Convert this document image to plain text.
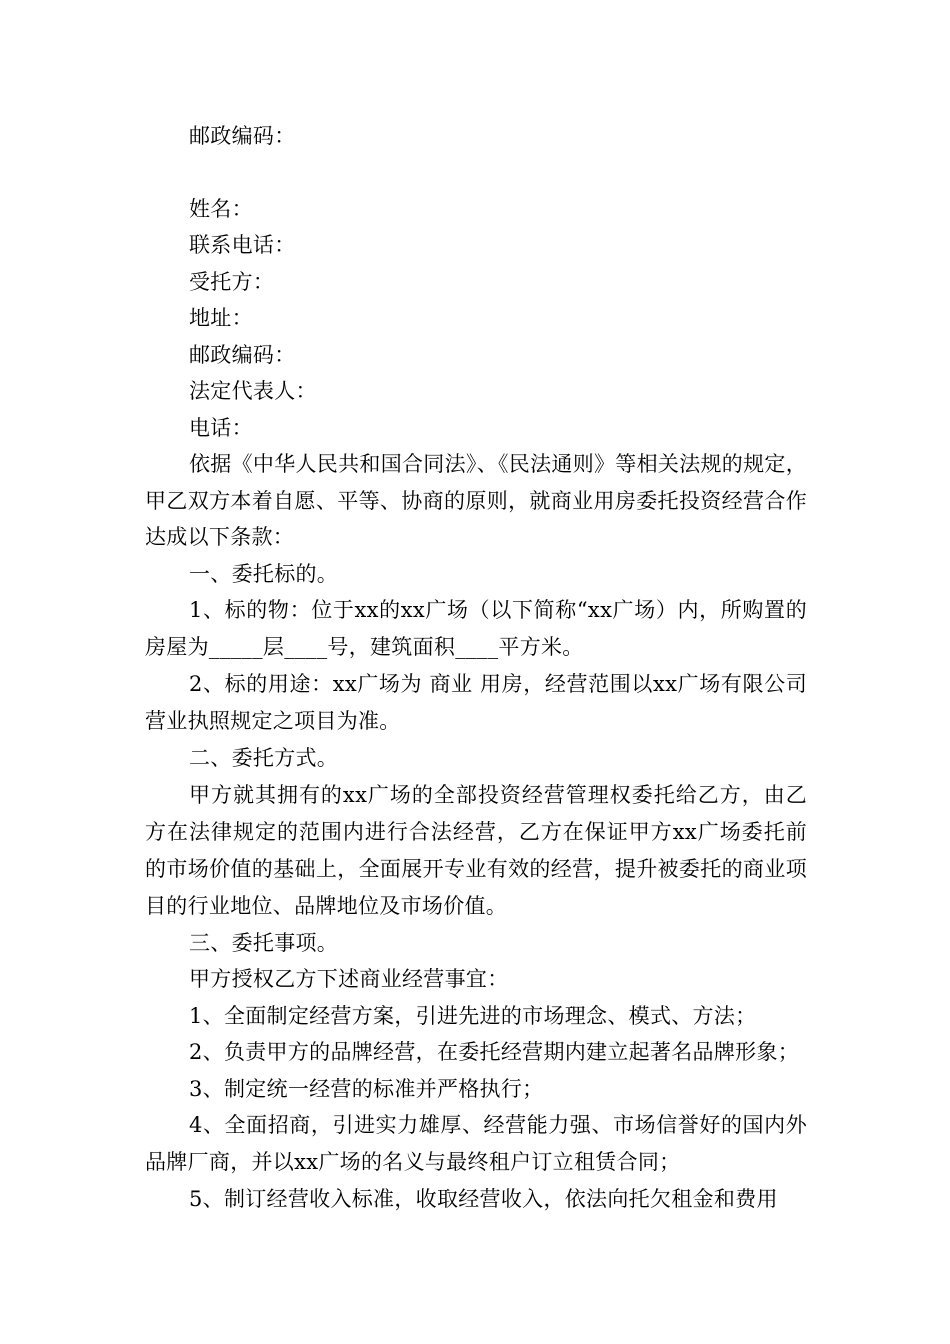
邮政编码：

姓名：

联系电话：

受托方：

地址：

邮政编码：

法定代表人：

电话：

依据《中华人民共和国合同法》、《民法通则》等相关法规的规定，甲乙双方本着自愿、平等、协商的原则，就商业用房委托投资经营合作达成以下条款：

一、委托标的。

1、标的物：位于xx的xx广场（以下简称“xx广场）内，所购置的房屋为_____层____号，建筑面积____平方米。

2、标的用途：xx广场为 商业 用房，经营范围以xx广场有限公司营业执照规定之项目为准。

二、委托方式。

甲方就其拥有的xx广场的全部投资经营管理权委托给乙方，由乙方在法律规定的范围内进行合法经营，乙方在保证甲方xx广场委托前的市场价值的基础上，全面展开专业有效的经营，提升被委托的商业项目的行业地位、品牌地位及市场价值。

三、委托事项。

甲方授权乙方下述商业经营事宜：

1、全面制定经营方案，引进先进的市场理念、模式、方法；

2、负责甲方的品牌经营，在委托经营期内建立起著名品牌形象；

3、制定统一经营的标准并严格执行；

4、全面招商，引进实力雄厚、经营能力强、市场信誉好的国内外品牌厂商，并以xx广场的名义与最终租户订立租赁合同；

5、制订经营收入标准，收取经营收入，依法向托欠租金和费用
